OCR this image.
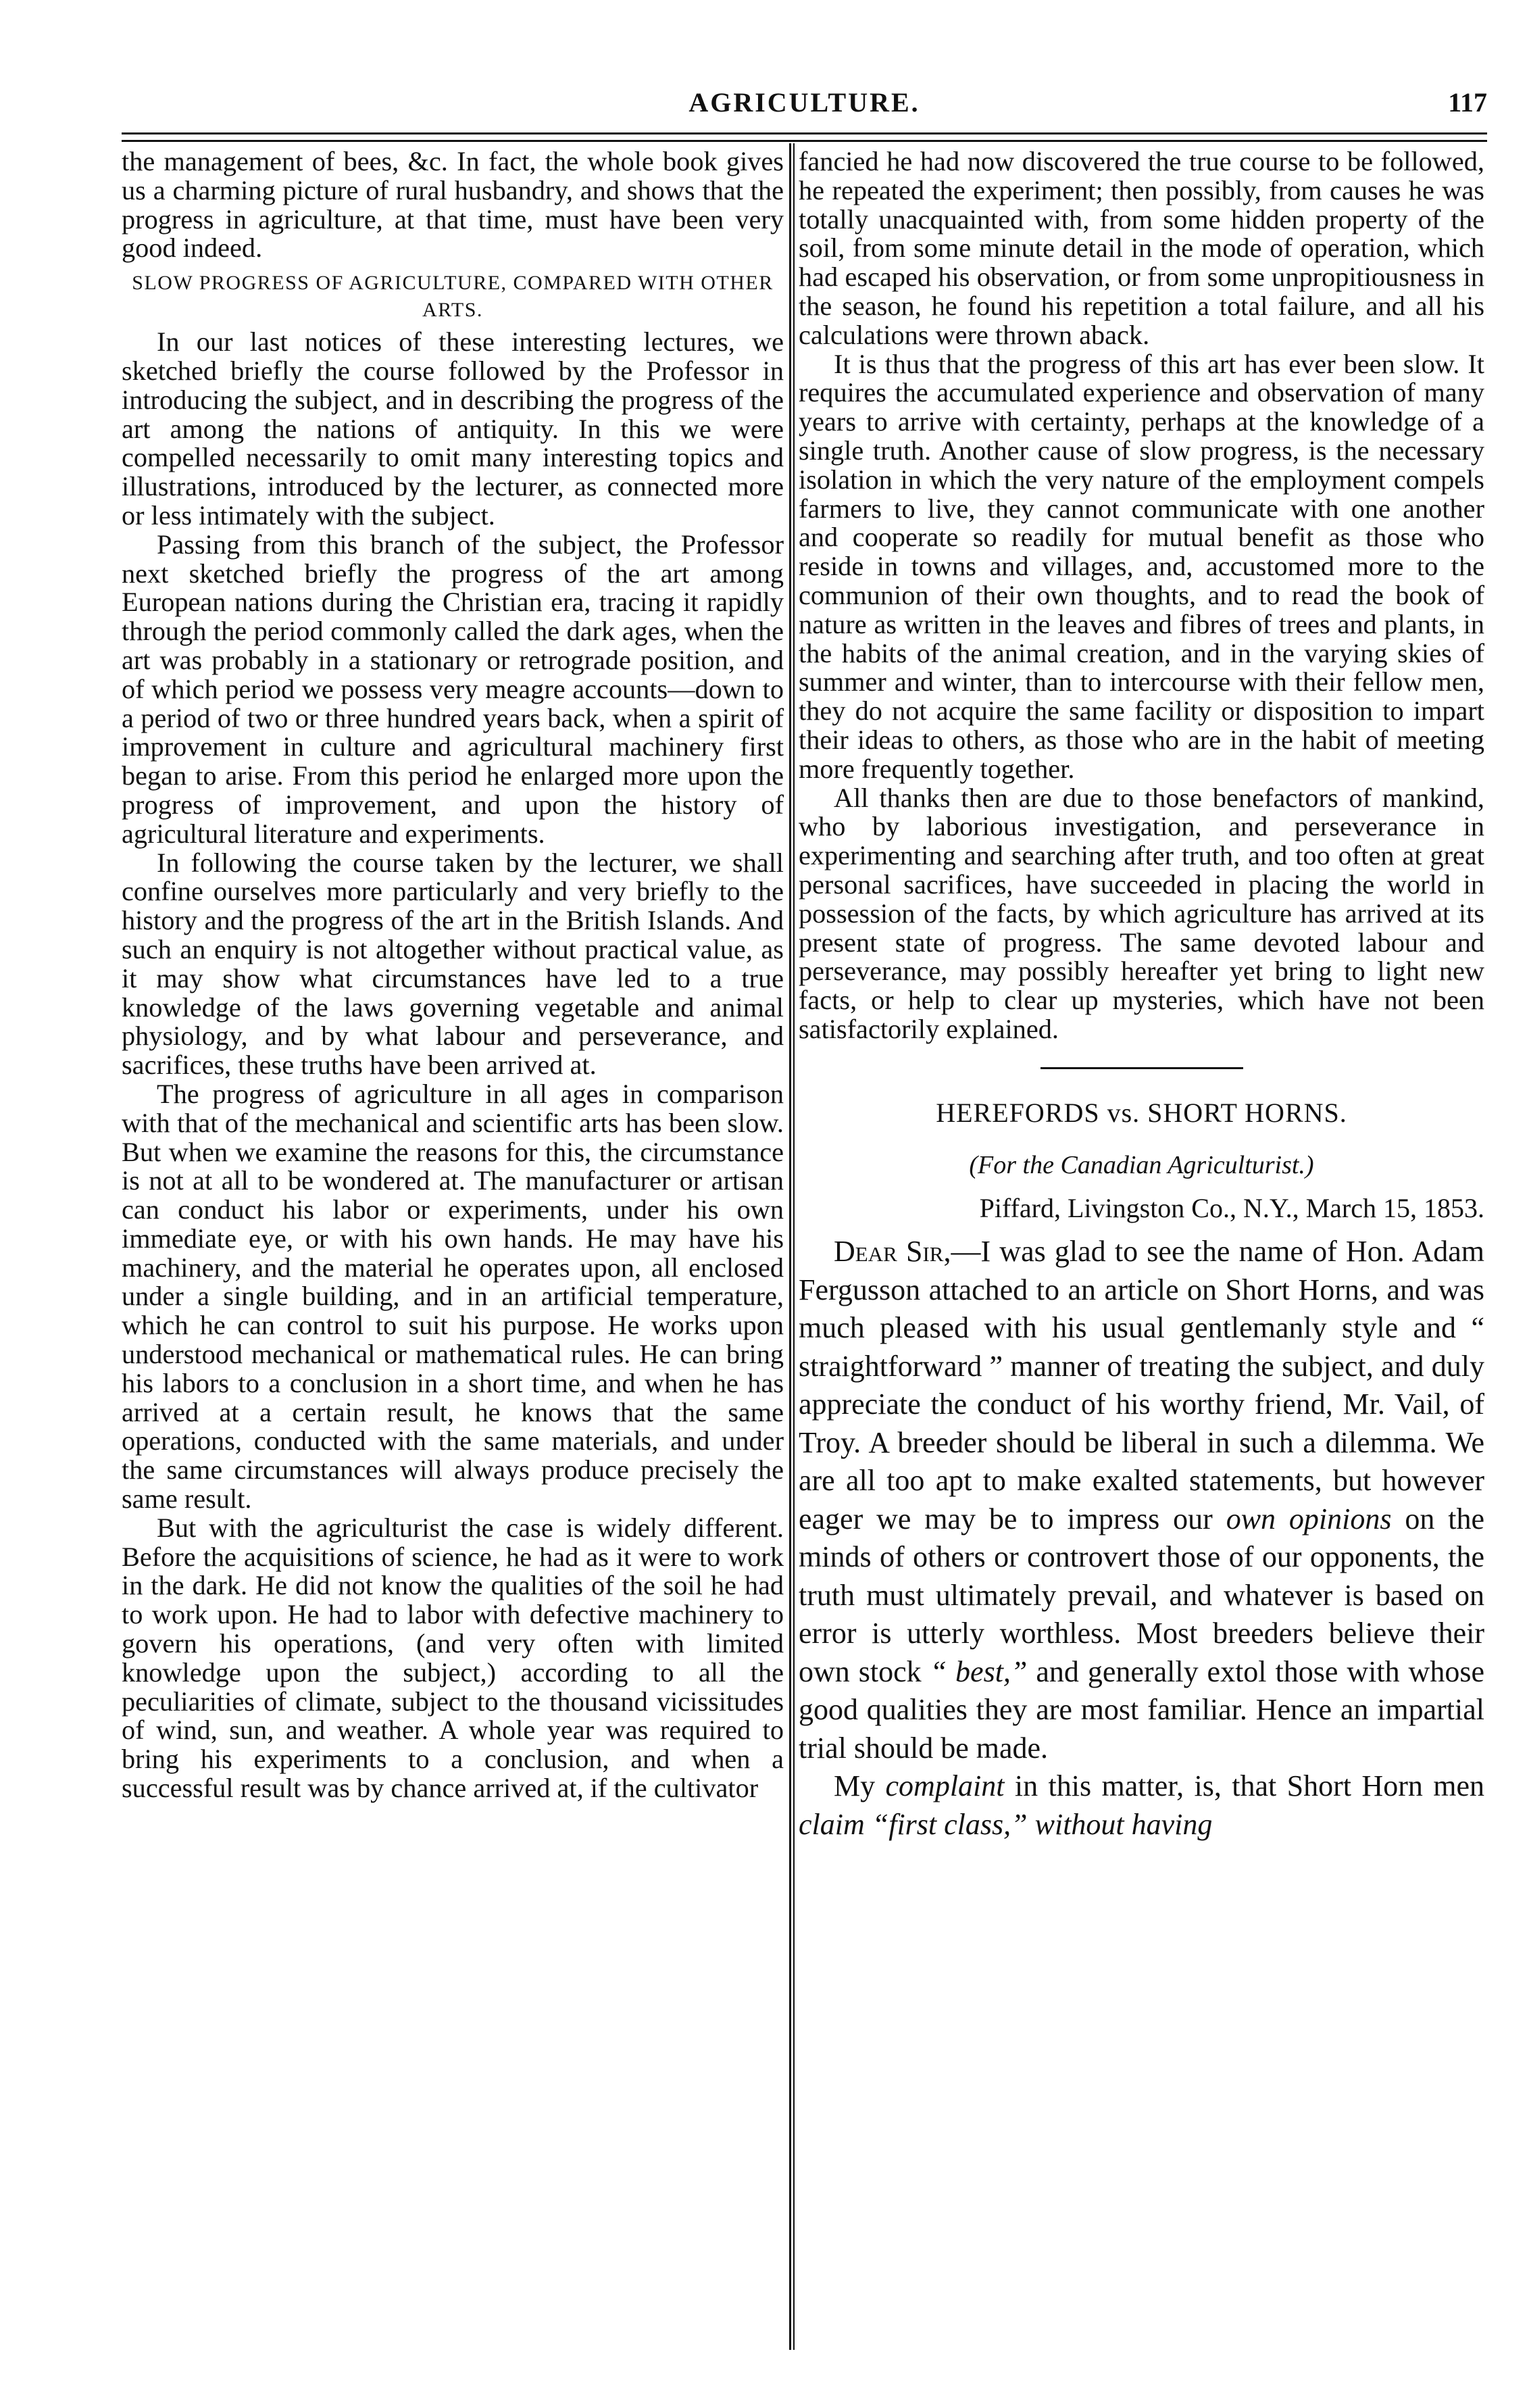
AGRICULTURE.	117

the management of bees, &c. In fact, the whole book gives us a charming picture of rural husbandry, and shows that the progress in agriculture, at that time, must have been very good indeed.

SLOW PROGRESS OF AGRICULTURE, COMPARED WITH OTHER ARTS.

In our last notices of these interesting lectures, we sketched briefly the course followed by the Professor in introducing the subject, and in describing the progress of the art among the nations of antiquity. In this we were compelled necessarily to omit many interesting topics and illustrations, introduced by the lecturer, as connected more or less intimately with the subject.

Passing from this branch of the subject, the Professor next sketched briefly the progress of the art among European nations during the Christian era, tracing it rapidly through the period commonly called the dark ages, when the art was probably in a stationary or retrograde position, and of which period we possess very meagre accounts—down to a period of two or three hundred years back, when a spirit of improvement in culture and agricultural machinery first began to arise. From this period he enlarged more upon the progress of improvement, and upon the history of agricultural literature and experiments.

In following the course taken by the lecturer, we shall confine ourselves more particularly and very briefly to the history and the progress of the art in the British Islands. And such an enquiry is not altogether without practical value, as it may show what circumstances have led to a true knowledge of the laws governing vegetable and animal physiology, and by what labour and perseverance, and sacrifices, these truths have been arrived at.

The progress of agriculture in all ages in comparison with that of the mechanical and scientific arts has been slow. But when we examine the reasons for this, the circumstance is not at all to be wondered at. The manufacturer or artisan can conduct his labor or experiments, under his own immediate eye, or with his own hands. He may have his machinery, and the material he operates upon, all enclosed under a single building, and in an artificial temperature, which he can control to suit his purpose. He works upon understood mechanical or mathematical rules. He can bring his labors to a conclusion in a short time, and when he has arrived at a certain result, he knows that the same operations, conducted with the same materials, and under the same circumstances will always produce precisely the same result.

But with the agriculturist the case is widely different. Before the acquisitions of science, he had as it were to work in the dark. He did not know the qualities of the soil he had to work upon. He had to labor with defective machinery to govern his operations, (and very often with limited knowledge upon the subject,) according to all the peculiarities of climate, subject to the thousand vicissitudes of wind, sun, and weather. A whole year was required to bring his experiments to a conclusion, and when a successful result was by chance arrived at, if the cultivator

fancied he had now discovered the true course to be followed, he repeated the experiment; then possibly, from causes he was totally unacquainted with, from some hidden property of the soil, from some minute detail in the mode of operation, which had escaped his observation, or from some unpropitiousness in the season, he found his repetition a total failure, and all his calculations were thrown aback.

It is thus that the progress of this art has ever been slow. It requires the accumulated experience and observation of many years to arrive with certainty, perhaps at the knowledge of a single truth. Another cause of slow progress, is the necessary isolation in which the very nature of the employment compels farmers to live, they cannot communicate with one another and cooperate so readily for mutual benefit as those who reside in towns and villages, and, accustomed more to the communion of their own thoughts, and to read the book of nature as written in the leaves and fibres of trees and plants, in the habits of the animal creation, and in the varying skies of summer and winter, than to intercourse with their fellow men, they do not acquire the same facility or disposition to impart their ideas to others, as those who are in the habit of meeting more frequently together.

All thanks then are due to those benefactors of mankind, who by laborious investigation, and perseverance in experimenting and searching after truth, and too often at great personal sacrifices, have succeeded in placing the world in possession of the facts, by which agriculture has arrived at its present state of progress. The same devoted labour and perseverance, may possibly hereafter yet bring to light new facts, or help to clear up mysteries, which have not been satisfactorily explained.

HEREFORDS vs. SHORT HORNS.

(For the Canadian Agriculturist.)

Piffard, Livingston Co., N.Y., March 15, 1853.

Dear Sir,—I was glad to see the name of Hon. Adam Fergusson attached to an article on Short Horns, and was much pleased with his usual gentlemanly style and “ straightforward ” manner of treating the subject, and duly appreciate the conduct of his worthy friend, Mr. Vail, of Troy. A breeder should be liberal in such a dilemma. We are all too apt to make exalted statements, but however eager we may be to impress our own opinions on the minds of others or controvert those of our opponents, the truth must ultimately prevail, and whatever is based on error is utterly worthless. Most breeders believe their own stock “ best,” and generally extol those with whose good qualities they are most familiar. Hence an impartial trial should be made.

My complaint in this matter, is, that Short Horn men claim “first class,” without having
